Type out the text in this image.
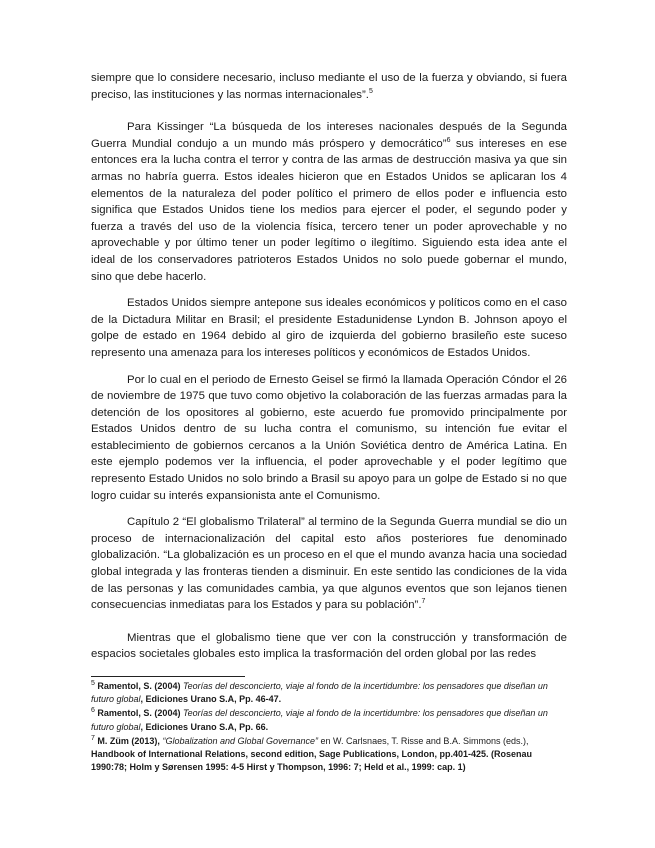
siempre que lo considere necesario, incluso mediante el uso de la fuerza y obviando, si fuera preciso, las instituciones y las normas internacionales”.$^5$

Para Kissinger “La búsqueda de los intereses nacionales después de la Segunda Guerra Mundial condujo a un mundo más próspero y democrático”$^6$ sus intereses en ese entonces era la lucha contra el terror y contra de las armas de destrucción masiva ya que sin armas no habría guerra. Estos ideales hicieron que en Estados Unidos se aplicaran los 4 elementos de la naturaleza del poder político el primero de ellos poder e influencia esto significa que Estados Unidos tiene los medios para ejercer el poder, el segundo poder y fuerza a través del uso de la violencia física, tercero tener un poder aprovechable y no aprovechable y por último tener un poder legítimo o ilegítimo. Siguiendo esta idea ante el ideal de los conservadores patrioteros Estados Unidos no solo puede gobernar el mundo, sino que debe hacerlo.

Estados Unidos siempre antepone sus ideales económicos y políticos como en el caso de la Dictadura Militar en Brasil; el presidente Estadunidense Lyndon B. Johnson apoyo el golpe de estado en 1964 debido al giro de izquierda del gobierno brasileño este suceso represento una amenaza para los intereses políticos y económicos de Estados Unidos.

Por lo cual en el periodo de Ernesto Geisel se firmó la llamada Operación Cóndor el 26 de noviembre de 1975 que tuvo como objetivo la colaboración de las fuerzas armadas para la detención de los opositores al gobierno, este acuerdo fue promovido principalmente por Estados Unidos dentro de su lucha contra el comunismo, su intención fue evitar el establecimiento de gobiernos cercanos a la Unión Soviética dentro de América Latina. En este ejemplo podemos ver la influencia, el poder aprovechable y el poder legítimo que represento Estado Unidos no solo brindo a Brasil su apoyo para un golpe de Estado si no que logro cuidar su interés expansionista ante el Comunismo.

Capítulo 2 “El globalismo Trilateral” al termino de la Segunda Guerra mundial se dio un proceso de internacionalización del capital esto años posteriores fue denominado globalización. “La globalización es un proceso en el que el mundo avanza hacia una sociedad global integrada y las fronteras tienden a disminuir. En este sentido las condiciones de la vida de las personas y las comunidades cambia, ya que algunos eventos que son lejanos tienen consecuencias inmediatas para los Estados y para su población”.$^7$

Mientras que el globalismo tiene que ver con la construcción y transformación de espacios societales globales esto implica la trasformación del orden global por las redes

$^5$ Ramentol, S. (2004) Teorías del desconcierto, viaje al fondo de la incertidumbre: los pensadores que diseñan un futuro global, Ediciones Urano S.A, Pp. 46-47.
$^6$ Ramentol, S. (2004) Teorías del desconcierto, viaje al fondo de la incertidumbre: los pensadores que diseñan un futuro global, Ediciones Urano S.A, Pp. 66.
$^7$ M. Züm (2013), “Globalization and Global Governance” en W. Carlsnaes, T. Risse and B.A. Simmons (eds.), Handbook of International Relations, second edition, Sage Publications, London, pp.401-425. (Rosenau 1990:78; Holm y Sørensen 1995: 4-5 Hirst y Thompson, 1996: 7; Held et al., 1999: cap. 1)
